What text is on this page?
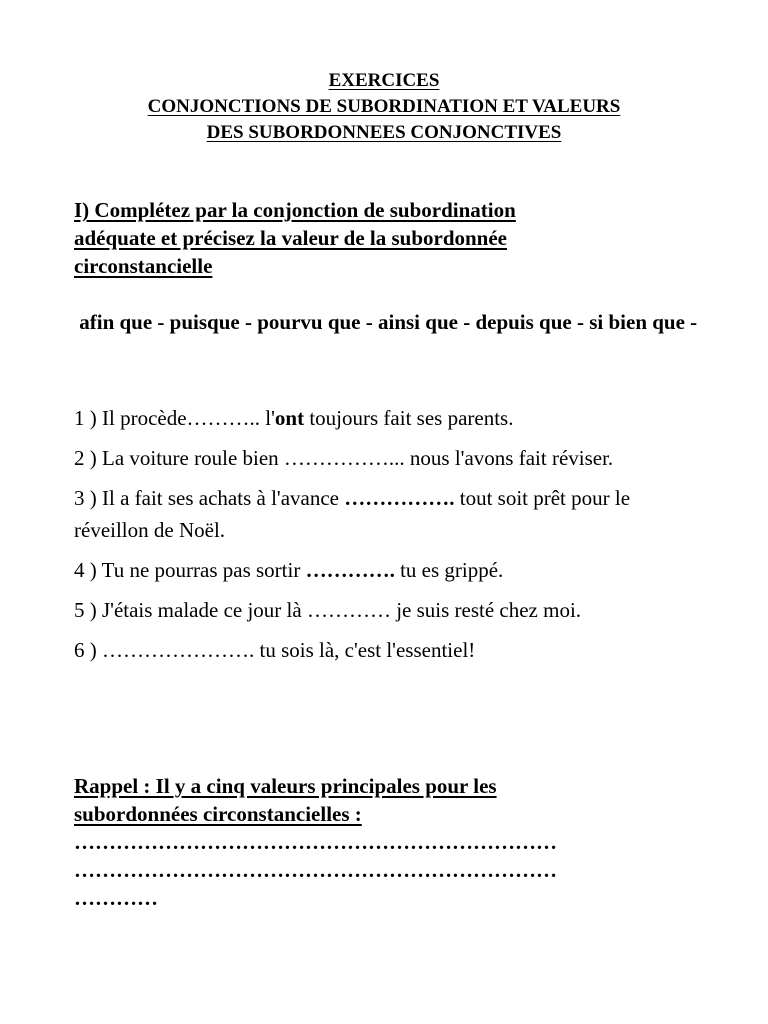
EXERCICES
CONJONCTIONS DE SUBORDINATION ET VALEURS
DES SUBORDONNEES CONJONCTIVES
I) Complétez par la conjonction de subordination
adéquate et précisez la valeur de la subordonnée
circonstancielle
afin que - puisque - pourvu que - ainsi que - depuis que - si bien que -
1 ) Il procède……….. l'ont toujours fait ses parents.
2 ) La voiture roule bien ……………... nous l'avons fait réviser.
3 ) Il a fait ses achats à l'avance ……………. tout soit prêt pour le réveillon de Noël.
4 ) Tu ne pourras pas sortir …………. tu es grippé.
5 ) J'étais malade ce jour là ………… je suis resté chez moi.
6 ) …………………. tu sois là, c'est l'essentiel!
Rappel : Il y a cinq valeurs principales pour les
subordonnées circonstancielles :
……………………………………………………………
……………………………………………………………
…………
